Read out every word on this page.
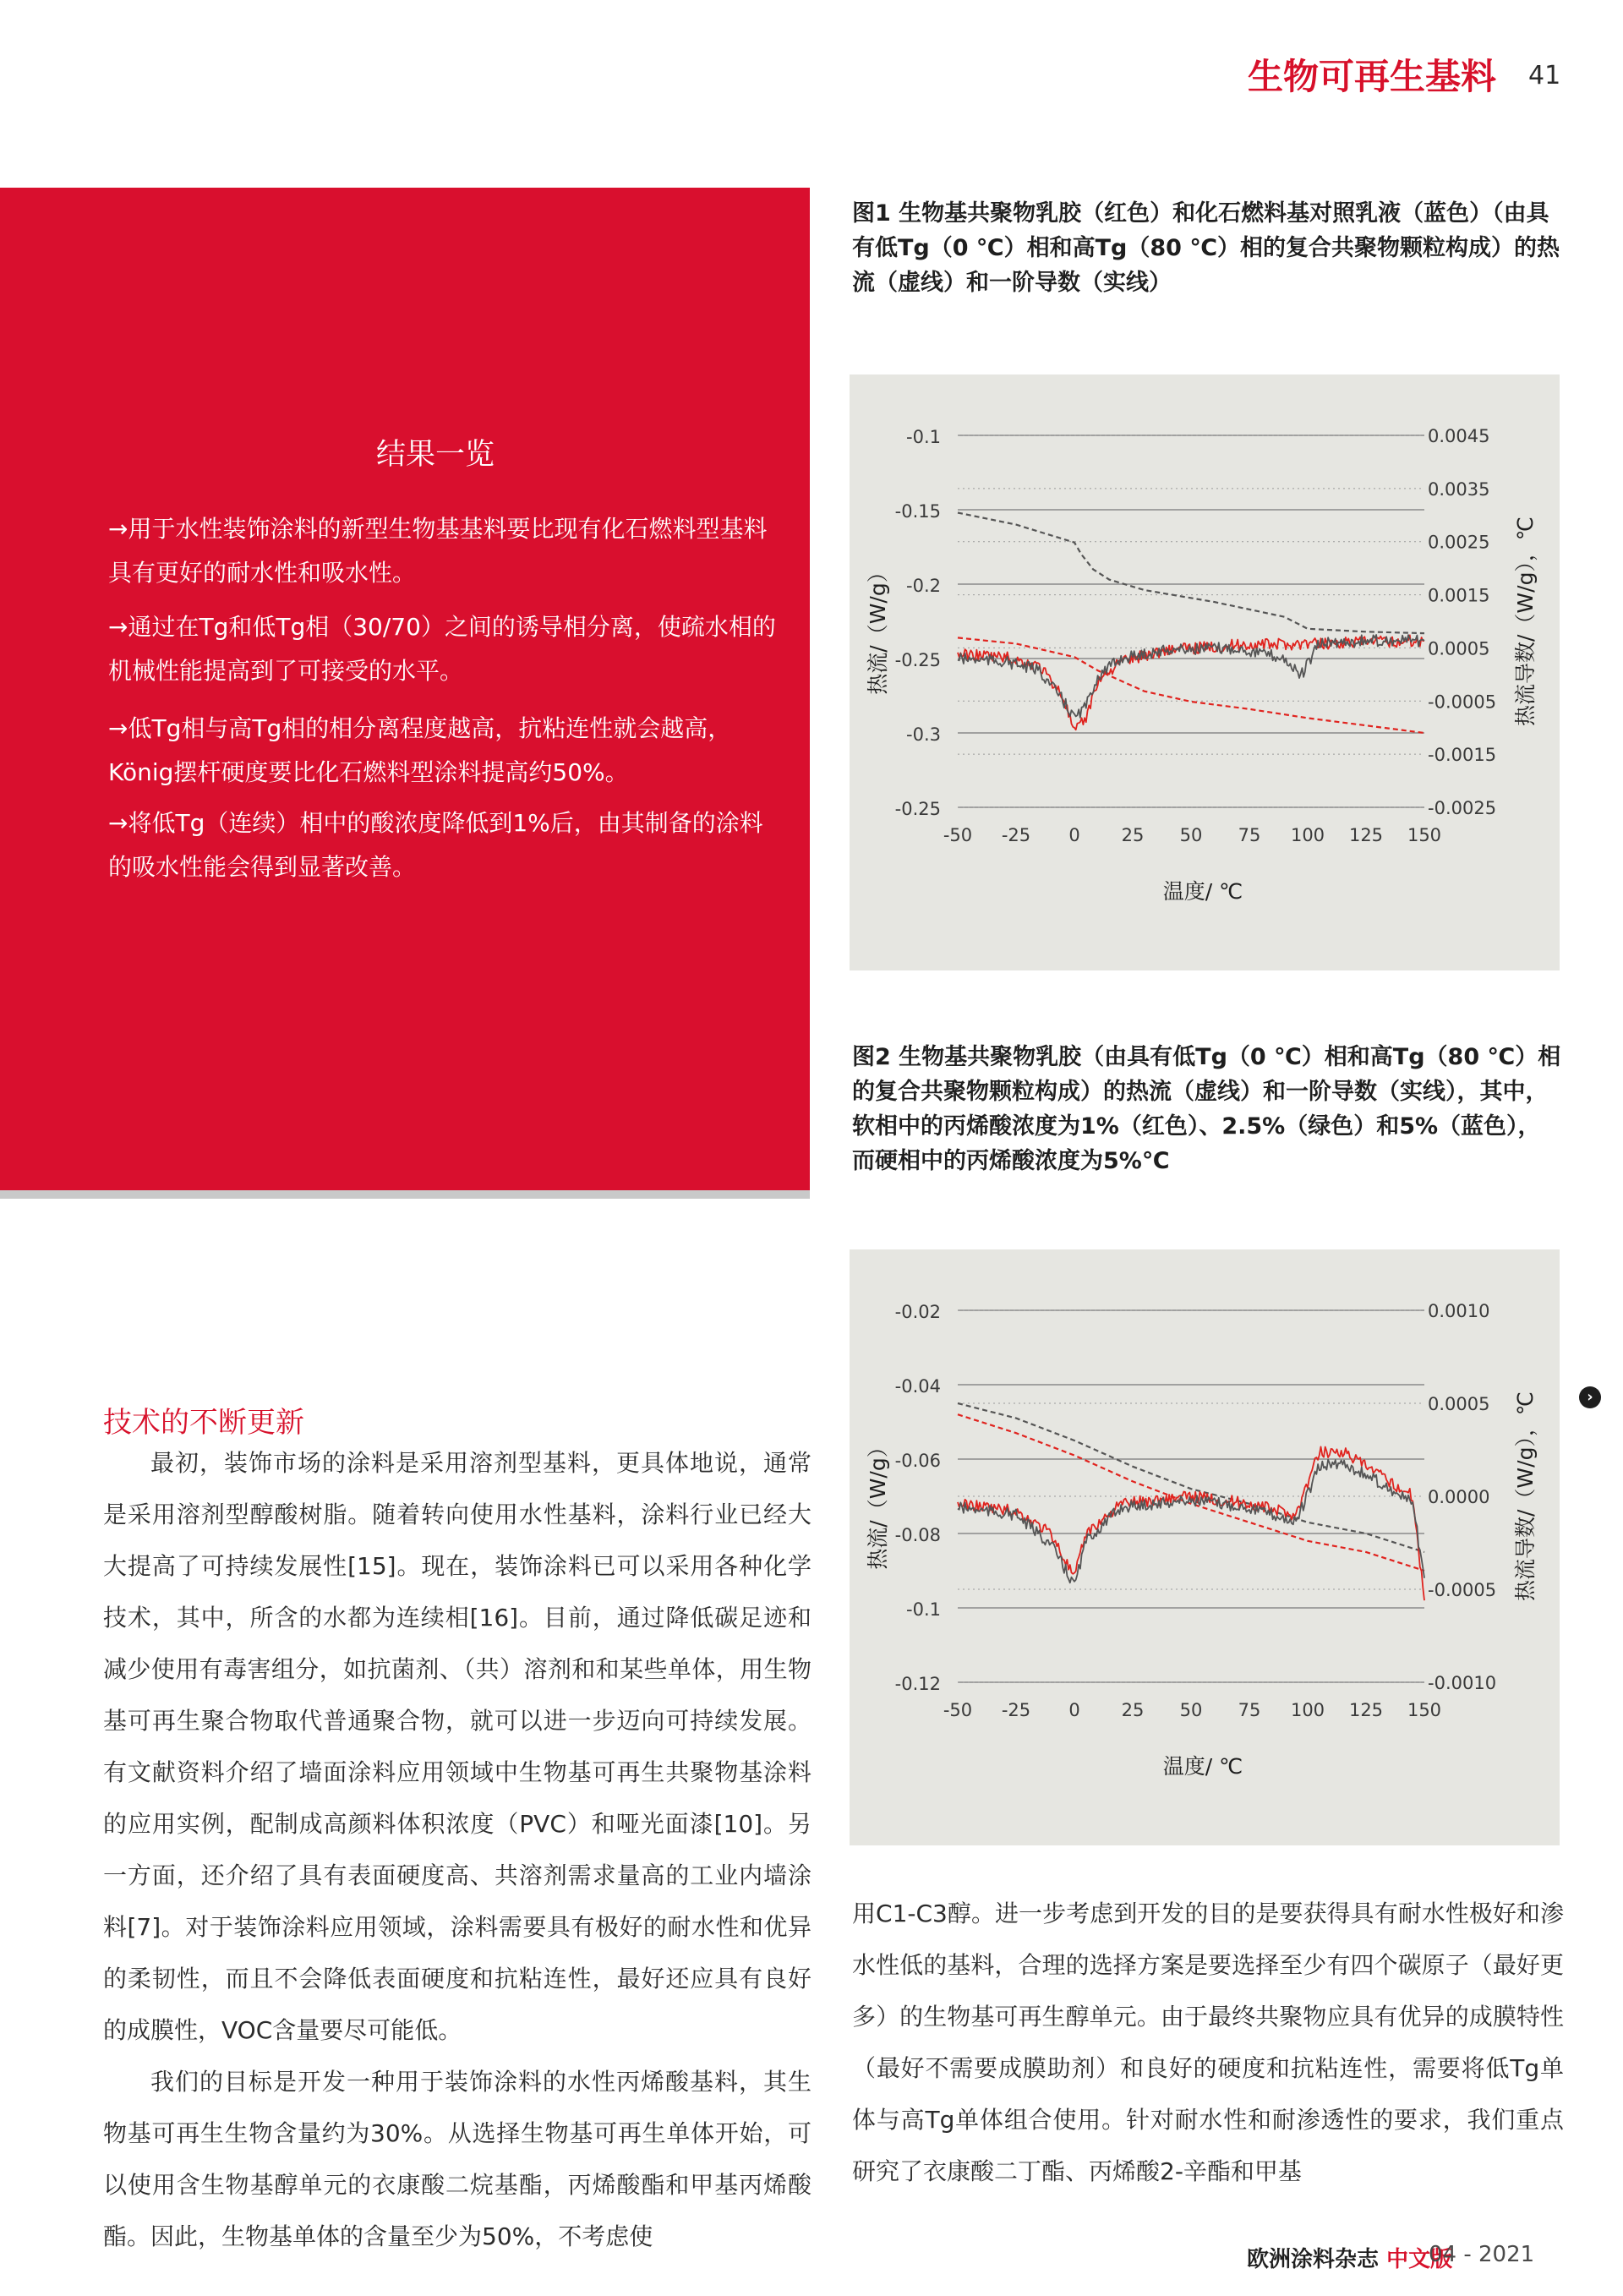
生物可再生基料 41
结果一览
→用于水性装饰涂料的新型生物基基料要比现有化石燃料型基料具有更好的耐水性和吸水性。
→通过在Tg和低Tg相（30/70）之间的诱导相分离，使疏水相的机械性能提高到了可接受的水平。
→低Tg相与高Tg相的相分离程度越高，抗粘连性就会越高，König摆杆硬度要比化石燃料型涂料提高约50%。
→将低Tg（连续）相中的酸浓度降低到1%后，由其制备的涂料的吸水性能会得到显著改善。
图1 生物基共聚物乳胶（红色）和化石燃料基对照乳液（蓝色）（由具有低Tg（0 ℃）相和高Tg（80 ℃）相的复合共聚物颗粒构成）的热流（虚线）和一阶导数（实线）
-0.1
-0.15
-0.2
-0.25
-0.3
-0.25
0.0045
0.0035
0.0025
0.0015
0.0005
-0.0005
-0.0015
-0.0025
-50 -25 0 25 50 75 100 125 150
温度/ ℃
热流/（W/g）	热流导数/（W/g），℃
图2 生物基共聚物乳胶（由具有低Tg（0 ℃）相和高Tg（80 ℃）相的复合共聚物颗粒构成）的热流（虚线）和一阶导数（实线），其中，软相中的丙烯酸浓度为1%（红色）、2.5%（绿色）和5%（蓝色），而硬相中的丙烯酸浓度为5%℃
-0.02
-0.04
-0.06
-0.08
-0.1
-0.12
0.0010
0.0005
0.0000
-0.0005
-0.0010
-50 -25 0 25 50 75 100 125 150
温度/ ℃
热流/（W/g）	热流导数/（W/g），℃
技术的不断更新
›

最初，装饰市场的涂料是采用溶剂型基料，更具体地说，通常是采用溶剂型醇酸树脂。随着转向使用水性基料，涂料行业已经大大提高了可持续发展性[15]。现在，装饰涂料已可以采用各种化学技术，其中，所含的水都为连续相[16]。目前，通过降低碳足迹和减少使用有毒害组分，如抗菌剂、（共）溶剂和和某些单体，用生物基可再生聚合物取代普通聚合物，就可以进一步迈向可持续发展。有文献资料介绍了墙面涂料应用领域中生物基可再生共聚物基涂料的应用实例，配制成高颜料体积浓度（PVC）和哑光面漆[10]。另一方面，还介绍了具有表面硬度高、共溶剂需求量高的工业内墙涂料[7]。对于装饰涂料应用领域，涂料需要具有极好的耐水性和优异的柔韧性，而且不会降低表面硬度和抗粘连性，最好还应具有良好的成膜性，VOC含量要尽可能低。

我们的目标是开发一种用于装饰涂料的水性丙烯酸基料，其生物基可再生生物含量约为30%。从选择生物基可再生单体开始，可以使用含生物基醇单元的衣康酸二烷基酯，丙烯酸酯和甲基丙烯酸酯。因此，生物基单体的含量至少为50%，不考虑使

用C1-C3醇。进一步考虑到开发的目的是要获得具有耐水性极好和渗水性低的基料，合理的选择方案是要选择至少有四个碳原子（最好更多）的生物基可再生醇单元。由于最终共聚物应具有优异的成膜特性（最好不需要成膜助剂）和良好的硬度和抗粘连性，需要将低Tg单体与高Tg单体组合使用。针对耐水性和耐渗透性的要求，我们重点研究了衣康酸二丁酯、丙烯酸2-辛酯和甲基

欧洲涂料杂志 中文版
04 - 2021
